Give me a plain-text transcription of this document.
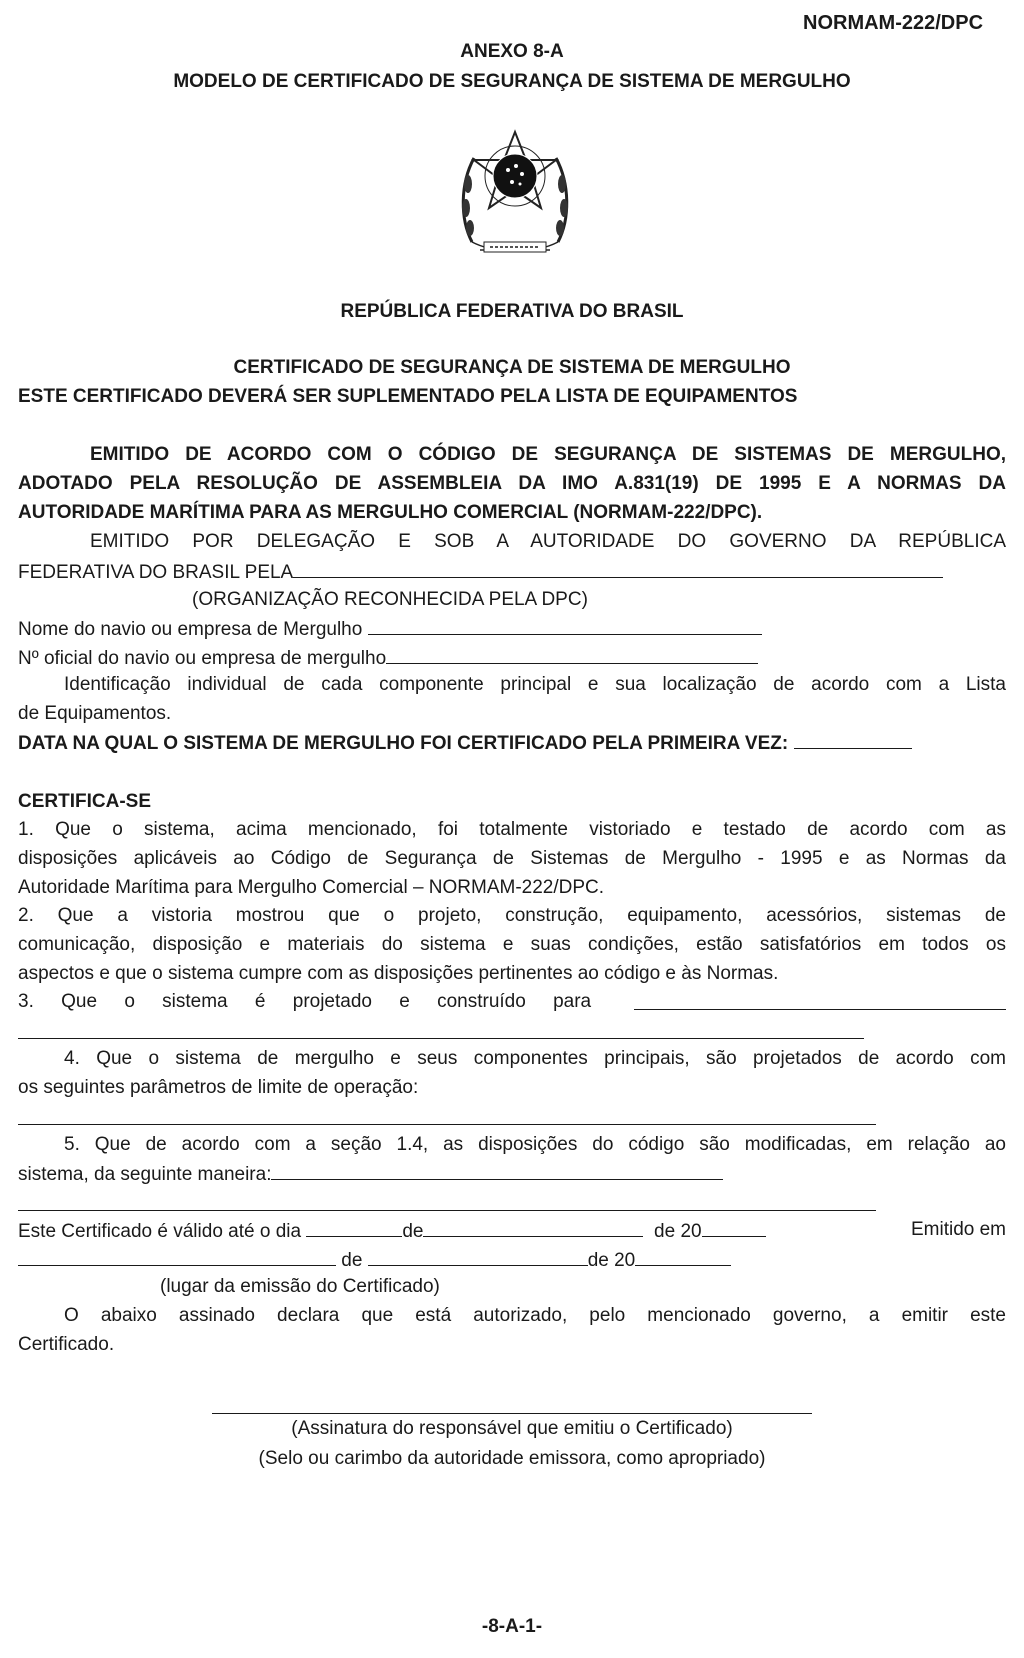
NORMAM-222/DPC
ANEXO 8-A
MODELO DE CERTIFICADO DE SEGURANÇA DE SISTEMA DE MERGULHO
REPÚBLICA FEDERATIVA DO BRASIL
CERTIFICADO DE SEGURANÇA DE SISTEMA DE MERGULHO
ESTE CERTIFICADO DEVERÁ SER SUPLEMENTADO PELA LISTA DE EQUIPAMENTOS
EMITIDO DE ACORDO COM O CÓDIGO DE SEGURANÇA DE SISTEMAS DE MERGULHO,
ADOTADO PELA RESOLUÇÃO DE ASSEMBLEIA DA IMO A.831(19) DE 1995 E A NORMAS DA
AUTORIDADE MARÍTIMA PARA AS MERGULHO COMERCIAL (NORMAM-222/DPC).
EMITIDO POR DELEGAÇÃO E SOB A AUTORIDADE DO GOVERNO DA REPÚBLICA
FEDERATIVA DO BRASIL PELA
(ORGANIZAÇÃO RECONHECIDA PELA DPC)
Nome do navio ou empresa de Mergulho
Nº oficial do navio ou empresa de mergulho
Identificação individual de cada componente principal e sua localização de acordo com a Lista
de Equipamentos.
DATA NA QUAL O SISTEMA DE MERGULHO FOI CERTIFICADO PELA PRIMEIRA VEZ:
CERTIFICA-SE
1. Que o sistema, acima mencionado, foi totalmente vistoriado e testado de acordo com as
disposições aplicáveis ao Código de Segurança de Sistemas de Mergulho - 1995 e as Normas da
Autoridade Marítima para Mergulho Comercial – NORMAM-222/DPC.
2. Que a vistoria mostrou que o projeto, construção, equipamento, acessórios, sistemas de
comunicação, disposição e materiais do sistema e suas condições, estão satisfatórios em todos os
aspectos e que o sistema cumpre com as disposições pertinentes ao código e às Normas.
3. Que o sistema é projetado e construído para
4. Que o sistema de mergulho e seus componentes principais, são projetados de acordo com
os seguintes parâmetros de limite de operação:
5. Que de acordo com a seção 1.4, as disposições do código são modificadas, em relação ao
sistema, da seguinte maneira:
Este Certificado é válido até o dia	de	de 20	Emitido em
de	de 20
(lugar da emissão do Certificado)
O abaixo assinado declara que está autorizado, pelo mencionado governo, a emitir este
Certificado.
(Assinatura do responsável que emitiu o Certificado)
(Selo ou carimbo da autoridade emissora, como apropriado)
-8-A-1-
